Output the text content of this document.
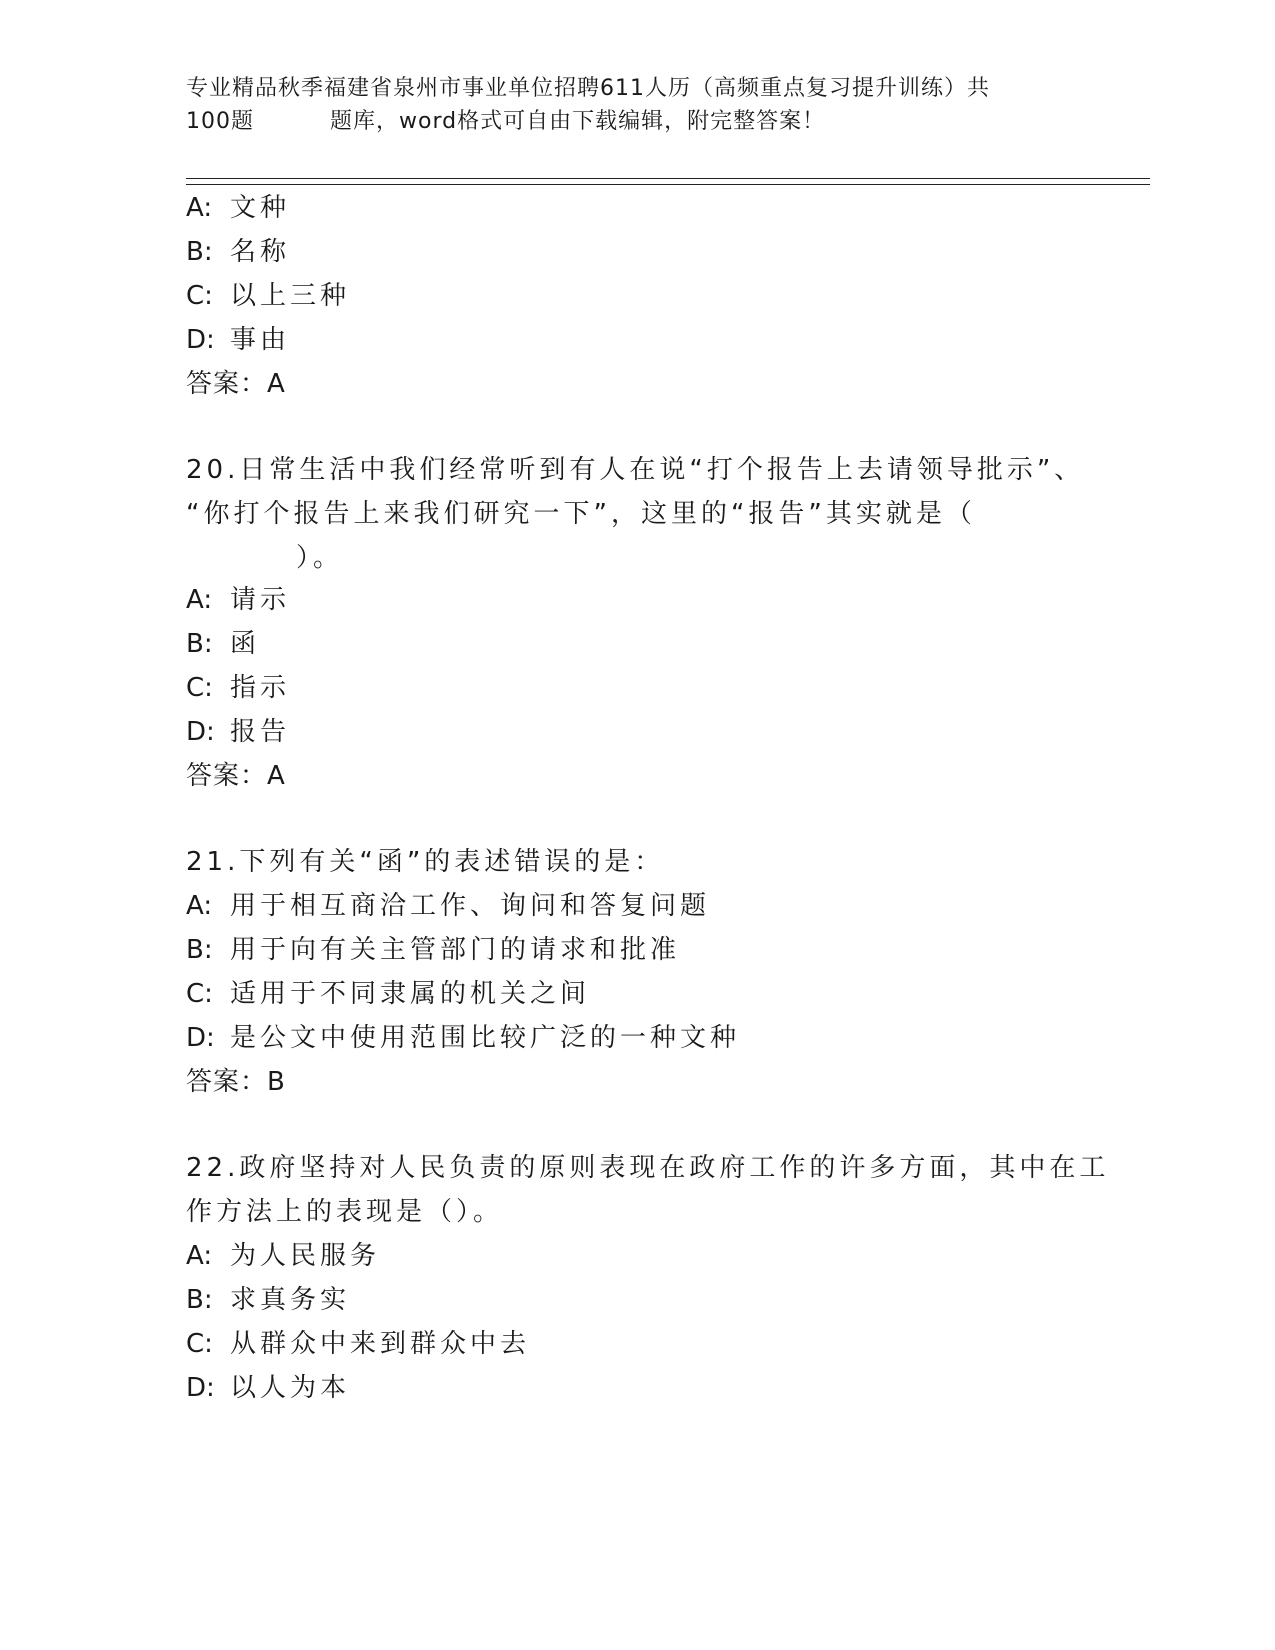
专业精品秋季福建省泉州市事业单位招聘611人历（高频重点复习提升训练）共
100题	题库，word格式可自由下载编辑，附完整答案！
A: 文种
B: 名称
C: 以上三种
D: 事由
答案：A
20.日常生活中我们经常听到有人在说“打个报告上去请领导批示”、
“你打个报告上来我们研究一下”，这里的“报告”其实就是（
）。
A: 请示
B: 函
C: 指示
D: 报告
答案：A
21.下列有关“函”的表述错误的是：
A: 用于相互商洽工作、询问和答复问题
B: 用于向有关主管部门的请求和批准
C: 适用于不同隶属的机关之间
D: 是公文中使用范围比较广泛的一种文种
答案：B
22.政府坚持对人民负责的原则表现在政府工作的许多方面，其中在工
作方法上的表现是（）。
A: 为人民服务
B: 求真务实
C: 从群众中来到群众中去
D: 以人为本
